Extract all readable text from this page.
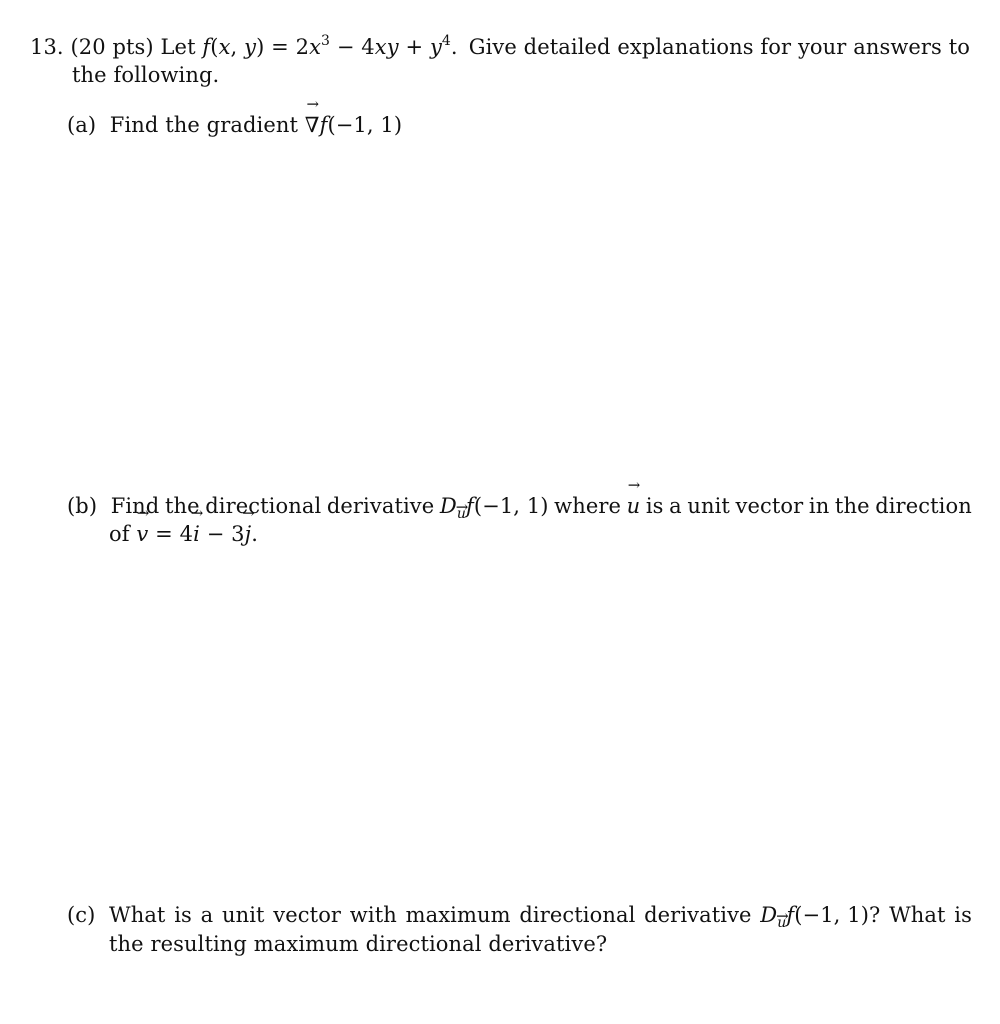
13. (20 pts) Let f(x, $y) = 2x^3 - 4xy + y^4$. Give detailed explanations for your answers to
the following.
(a)  Find the gradient → ∇f(−1, 1)
(b)  Find the directional derivative $D_uf(-1$, 1) where
→ u is a unit vector in the direction
of → v = 4→ i − 3→ j.
(c)  What is a unit vector with maximum directional derivative $D_uf(-1$, 1)? What is
the resulting maximum directional derivative?
